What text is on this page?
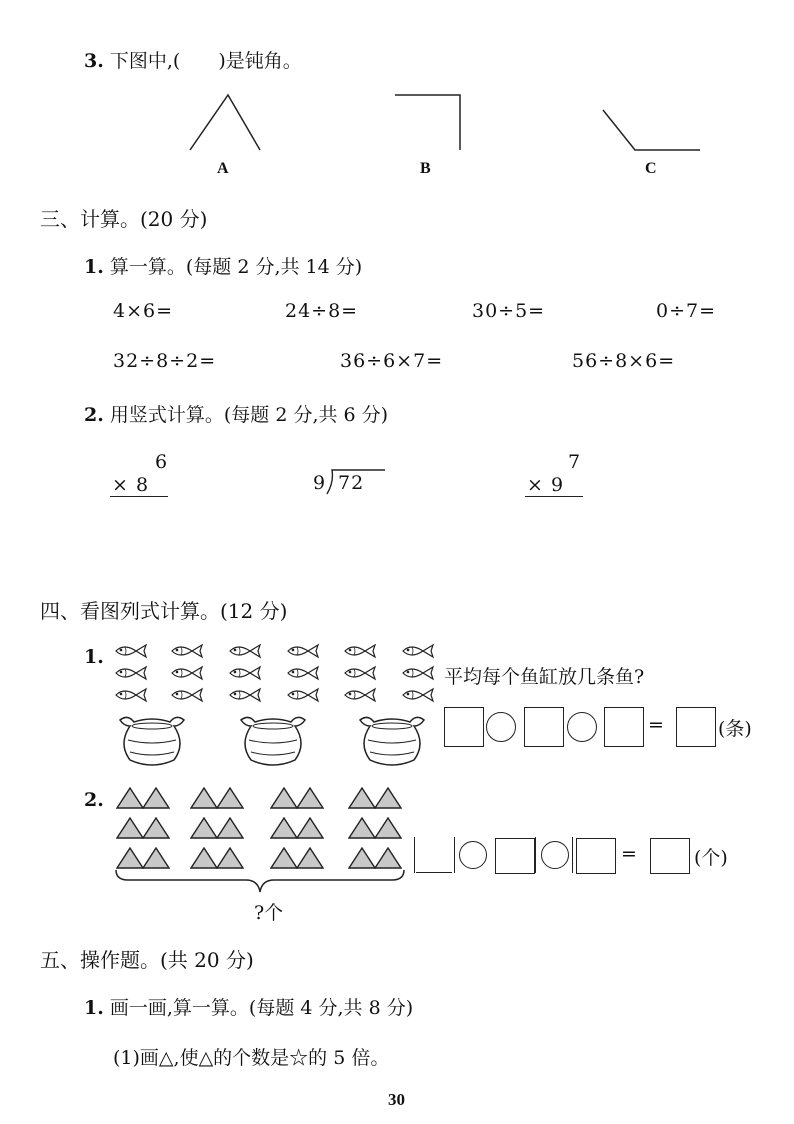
3. 下图中,(　　)是钝角。
A	B	C
三、计算。(20 分)
1. 算一算。(每题 2 分,共 14 分)
4×6=	24÷8=	30÷5=	0÷7=
32÷8÷2=	36÷6×7=	56÷8×6=
2. 用竖式计算。(每题 2 分,共 6 分)
6
× 8	9 72
7
× 9
四、看图列式计算。(12 分)
1.
平均每个鱼缸放几条鱼?
=	(条)
2.
?个
=	(个)
五、操作题。(共 20 分)
1. 画一画,算一算。(每题 4 分,共 8 分)
(1)画△,使△的个数是☆的 5 倍。
30
